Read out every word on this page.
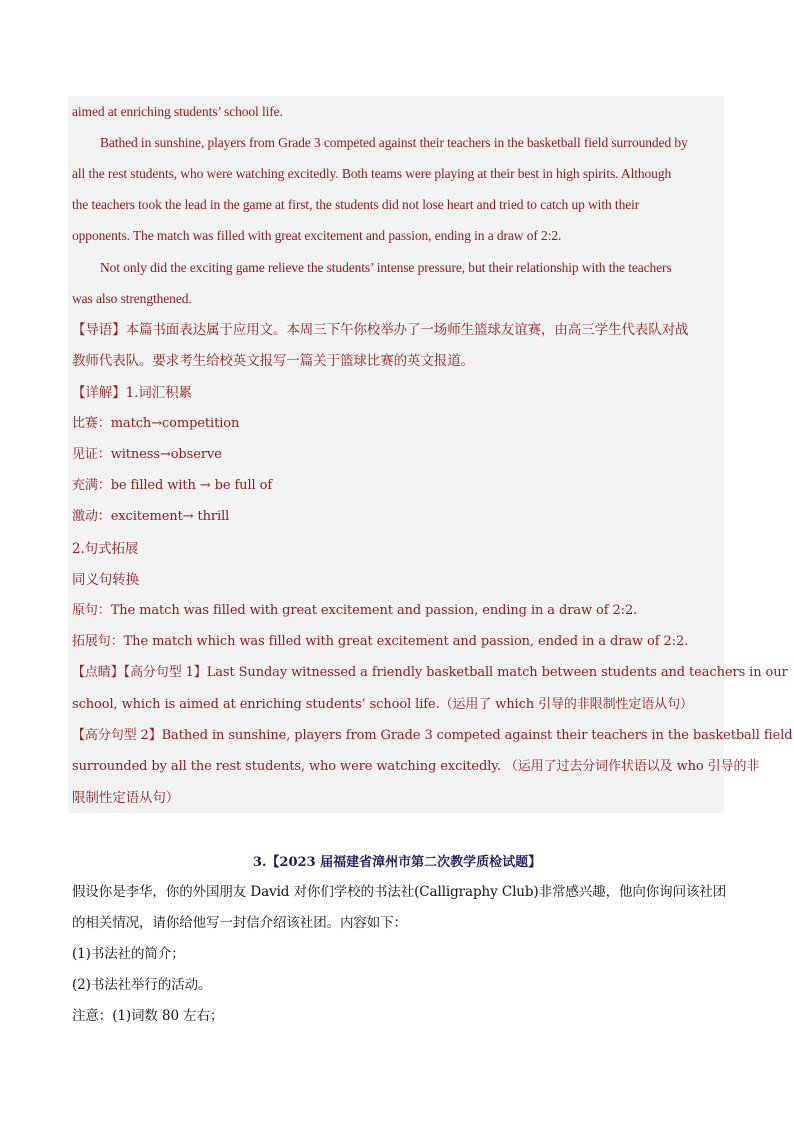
aimed at enriching students’ school life.
Bathed in sunshine, players from Grade 3 competed against their teachers in the basketball field surrounded by
all the rest students, who were watching excitedly. Both teams were playing at their best in high spirits. Although
the teachers took the lead in the game at first, the students did not lose heart and tried to catch up with their
opponents. The match was filled with great excitement and passion, ending in a draw of 2:2.
Not only did the exciting game relieve the students’ intense pressure, but their relationship with the teachers
was also strengthened.
【导语】本篇书面表达属于应用文。本周三下午你校举办了一场师生篮球友谊赛，由高三学生代表队对战
教师代表队。要求考生给校英文报写一篇关于篮球比赛的英文报道。
【详解】1.词汇积累
比赛：match→competition
见证：witness→observe
充满：be filled with → be full of
激动：excitement→ thrill
2.句式拓展
同义句转换
原句：The match was filled with great excitement and passion, ending in a draw of 2:2.
拓展句：The match which was filled with great excitement and passion, ended in a draw of 2:2.
【点睛】【高分句型 1】Last Sunday witnessed a friendly basketball match between students and teachers in our
school, which is aimed at enriching students’ school life.（运用了 which 引导的非限制性定语从句）
【高分句型 2】Bathed in sunshine, players from Grade 3 competed against their teachers in the basketball field
surrounded by all the rest students, who were watching excitedly. （运用了过去分词作状语以及 who 引导的非
限制性定语从句）
3.【2023 届福建省漳州市第二次教学质检试题】
假设你是李华，你的外国朋友 David 对你们学校的书法社(Calligraphy Club)非常感兴趣，他向你询问该社团
的相关情况，请你给他写一封信介绍该社团。内容如下：
(1)书法社的简介；
(2)书法社举行的活动。
注意：(1)词数 80 左右；
